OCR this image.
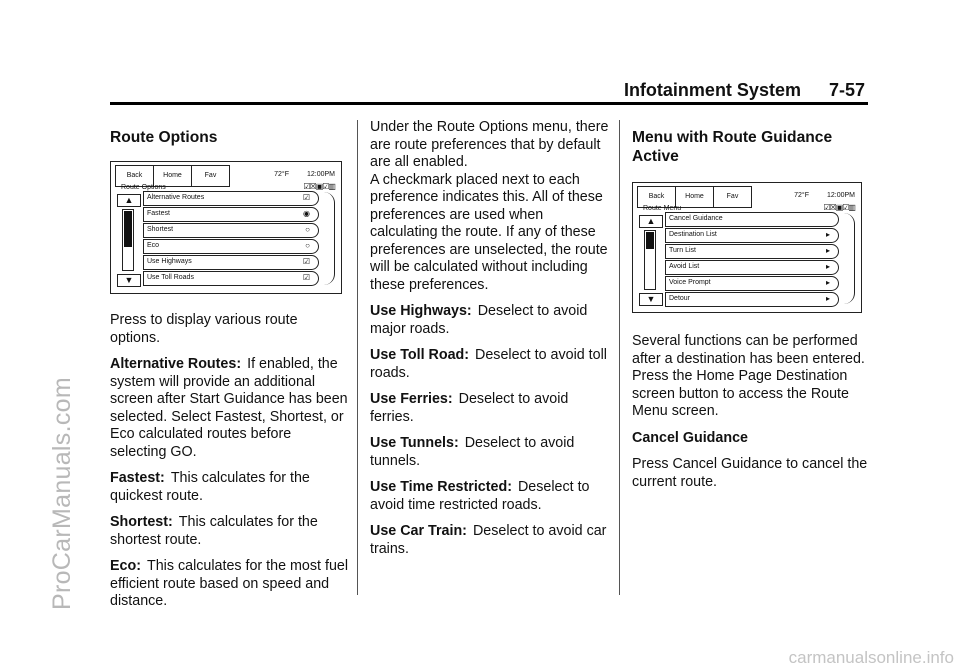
Infotainment System 7-57
ProCarManuals.com
carmanualsonline.info
Route Options
Back	Home	Fav	72°F	12:00PM
Route Options	☑☒▣☑▥
▲
▼
Alternative Routes	☑
Fastest	◉
Shortest	○
Eco	○
Use Highways	☑
Use Toll Roads	☑

Press to display various route options.

Alternative Routes: If enabled, the system will provide an additional screen after Start Guidance has been selected. Select Fastest, Shortest, or Eco calculated routes before selecting GO.

Fastest: This calculates for the quickest route.

Shortest: This calculates for the shortest route.

Eco: This calculates for the most fuel efficient route based on speed and distance.

Under the Route Options menu, there are route preferences that by default are all enabled.

A checkmark placed next to each preference indicates this. All of these preferences are used when calculating the route. If any of these preferences are unselected, the route will be calculated without including these preferences.

Use Highways: Deselect to avoid major roads.

Use Toll Road: Deselect to avoid toll roads.

Use Ferries: Deselect to avoid ferries.

Use Tunnels: Deselect to avoid tunnels.

Use Time Restricted: Deselect to avoid time restricted roads.

Use Car Train: Deselect to avoid car trains.

Menu with Route Guidance Active
Back	Home	Fav	72°F	12:00PM
Route Menu	☑☒▣☑▥
▲
▼
Cancel Guidance
Destination List	▸
Turn List	▸
Avoid List	▸
Voice Prompt	▸
Detour	▸

Several functions can be performed after a destination has been entered. Press the Home Page Destination screen button to access the Route Menu screen.

Cancel Guidance

Press Cancel Guidance to cancel the current route.
